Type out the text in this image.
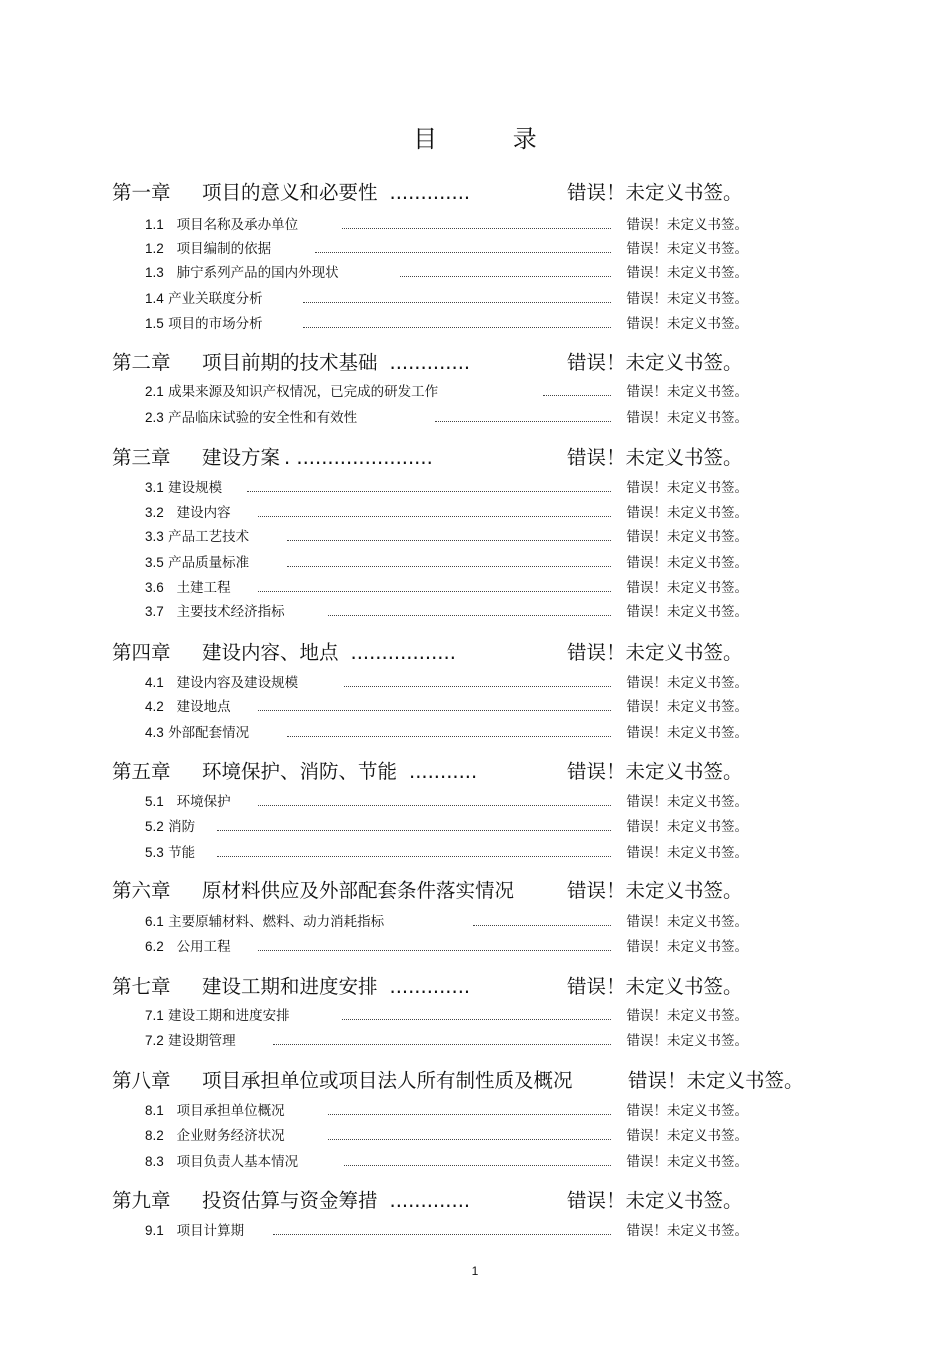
目 录
第一章 项目的意义和必要性 .............	错误！未定义书签。
1.1 项目名称及承办单位	错误！未定义书签。
1.2 项目编制的依据	错误！未定义书签。
1.3 肺宁系列产品的国内外现状	错误！未定义书签。
1.4 产业关联度分析	错误！未定义书签。
1.5 项目的市场分析	错误！未定义书签。
第二章 项目前期的技术基础 .............	错误！未定义书签。
2.1 成果来源及知识产权情况，已完成的研发工作	错误！未定义书签。
2.3 产品临床试验的安全性和有效性	错误！未定义书签。
第三章 建设方案 . ......................	错误！未定义书签。
3.1 建设规模	错误！未定义书签。
3.2 建设内容	错误！未定义书签。
3.3 产品工艺技术	错误！未定义书签。
3.5 产品质量标准	错误！未定义书签。
3.6 土建工程	错误！未定义书签。
3.7 主要技术经济指标	错误！未定义书签。
第四章 建设内容、地点 .................	错误！未定义书签。
4.1 建设内容及建设规模	错误！未定义书签。
4.2 建设地点	错误！未定义书签。
4.3 外部配套情况	错误！未定义书签。
第五章 环境保护、消防、节能 ...........	错误！未定义书签。
5.1 环境保护	错误！未定义书签。
5.2 消防	错误！未定义书签。
5.3 节能	错误！未定义书签。
第六章 原材料供应及外部配套条件落实情况	错误！未定义书签。
6.1 主要原辅材料、燃料、动力消耗指标	错误！未定义书签。
6.2 公用工程	错误！未定义书签。
第七章 建设工期和进度安排 .............	错误！未定义书签。
7.1 建设工期和进度安排	错误！未定义书签。
7.2 建设期管理	错误！未定义书签。
第八章 项目承担单位或项目法人所有制性质及概况	错误！未定义书签。
8.1 项目承担单位概况	错误！未定义书签。
8.2 企业财务经济状况	错误！未定义书签。
8.3 项目负责人基本情况	错误！未定义书签。
第九章 投资估算与资金筹措 .............	错误！未定义书签。
9.1 项目计算期	错误！未定义书签。
1
